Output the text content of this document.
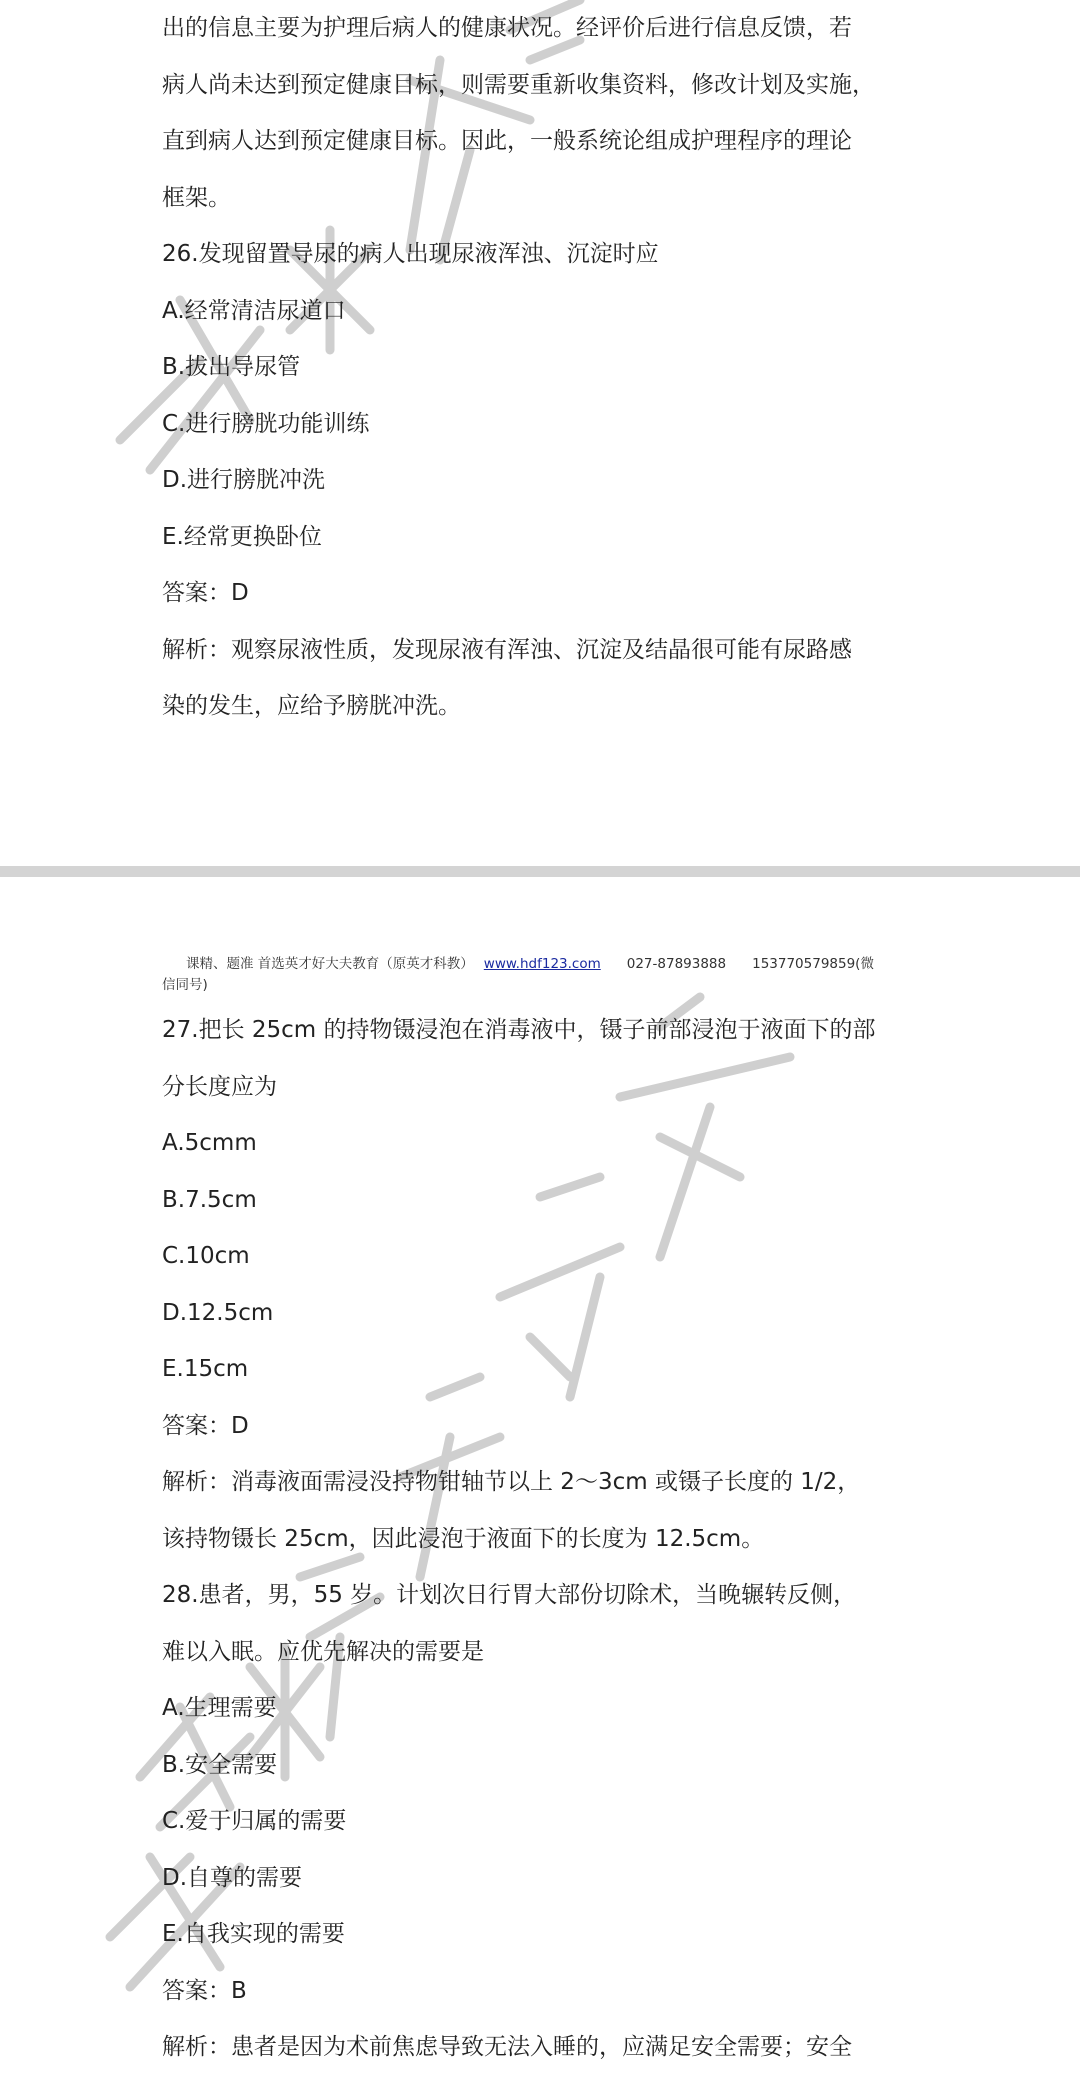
出的信息主要为护理后病人的健康状况。经评价后进行信息反馈，若

病人尚未达到预定健康目标，则需要重新收集资料，修改计划及实施，

直到病人达到预定健康目标。因此，一般系统论组成护理程序的理论

框架。

26.发现留置导尿的病人出现尿液浑浊、沉淀时应

A.经常清洁尿道口

B.拔出导尿管

C.进行膀胱功能训练

D.进行膀胱冲洗

E.经常更换卧位

答案：D

解析：观察尿液性质，发现尿液有浑浊、沉淀及结晶很可能有尿路感

染的发生，应给予膀胱冲洗。

课精、题准 首选英才好大夫教育（原英才科教） www.hdf123.com 027-87893888 153770579859(微
信同号)

27.把长 25cm 的持物镊浸泡在消毒液中，镊子前部浸泡于液面下的部

分长度应为

A.5cmm

B.7.5cm

C.10cm

D.12.5cm

E.15cm

答案：D

解析：消毒液面需浸没持物钳轴节以上 2～3cm 或镊子长度的 1/2，

该持物镊长 25cm，因此浸泡于液面下的长度为 12.5cm。

28.患者，男，55 岁。计划次日行胃大部份切除术，当晚辗转反侧，

难以入眠。应优先解决的需要是

A.生理需要

B.安全需要

C.爱于归属的需要

D.自尊的需要

E.自我实现的需要

答案：B

解析：患者是因为术前焦虑导致无法入睡的，应满足安全需要；安全
